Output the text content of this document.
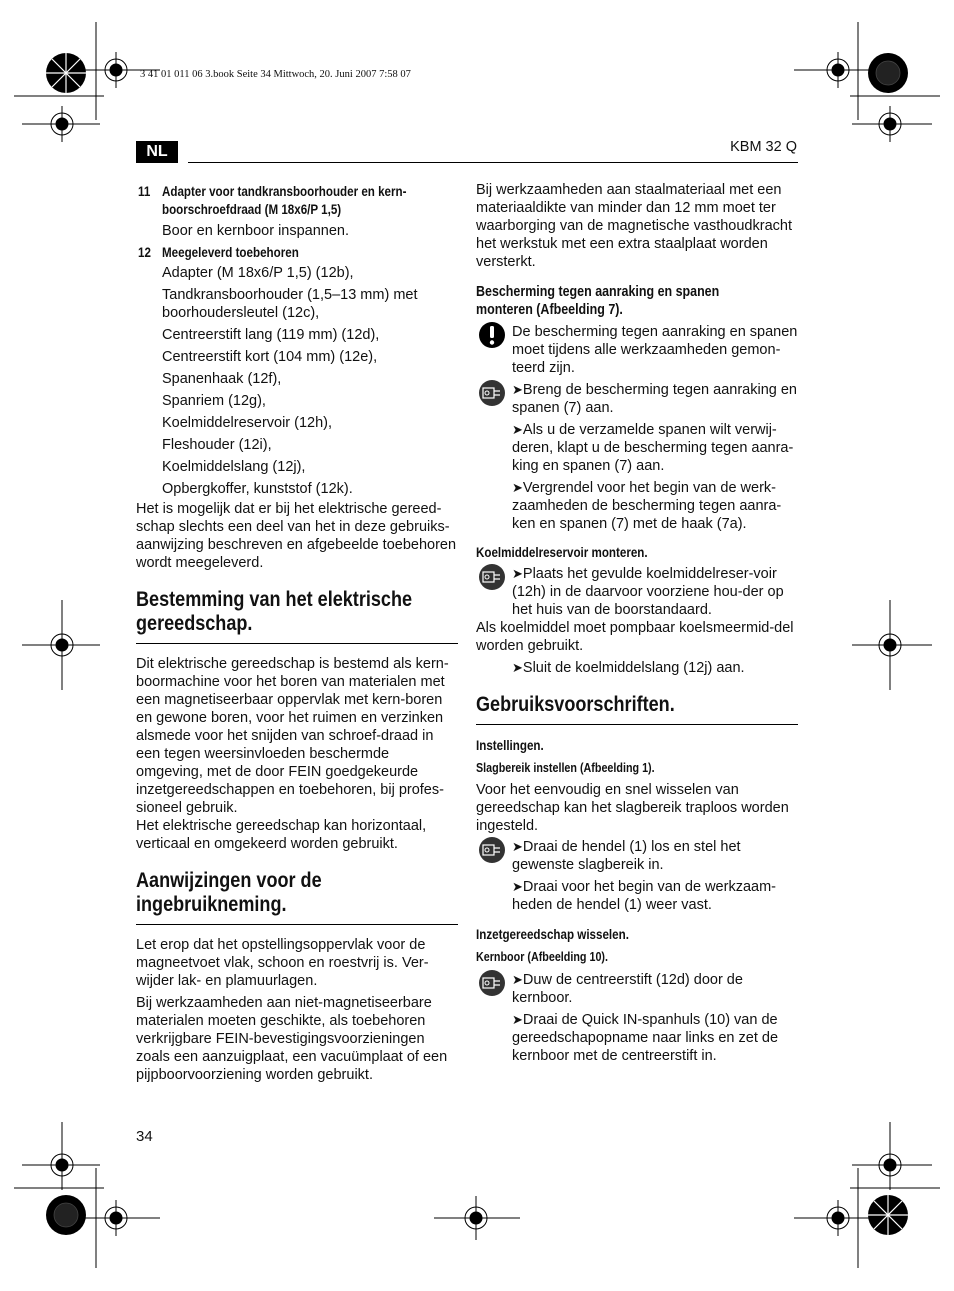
3 41 01 011 06 3.book Seite 34 Mittwoch, 20. Juni 2007 7:58 07
NL	KBM 32 Q
11 Adapter voor tandkransboorhouder en kern-
boorschroefdraad (M 18x6/P 1,5)
Boor en kernboor inspannen.
12 Meegeleverd toebehoren
Adapter (M 18x6/P 1,5) (12b),
Tandkransboorhouder (1,5–13 mm) met
boorhoudersleutel (12c),
Centreerstift lang (119 mm) (12d),
Centreerstift kort (104 mm) (12e),
Spanenhaak (12f),
Spanriem (12g),
Koelmiddelreservoir (12h),
Fleshouder (12i),
Koelmiddelslang (12j),
Opbergkoffer, kunststof (12k).

Het is mogelijk dat er bij het elektrische gereed-schap slechts een deel van het in deze gebruiks-aanwijzing beschreven en afgebeelde toebehoren wordt meegeleverd.

Bestemming van het elektrische
gereedschap.

Dit elektrische gereedschap is bestemd als kern-boormachine voor het boren van materialen met een magnetiseerbaar oppervlak met kern-boren en gewone boren, voor het ruimen en verzinken alsmede voor het snijden van schroef-draad in een tegen weersinvloeden beschermde omgeving, met de door FEIN goedgekeurde inzetgereedschappen en toebehoren, bij profes-sioneel gebruik.

Het elektrische gereedschap kan horizontaal, verticaal en omgekeerd worden gebruikt.

Aanwijzingen voor de
ingebruikneming.

Let erop dat het opstellingsoppervlak voor de magneetvoet vlak, schoon en roestvrij is. Ver-wijder lak- en plamuurlagen.

Bij werkzaamheden aan niet-magnetiseerbare materialen moeten geschikte, als toebehoren verkrijgbare FEIN-bevestigingsvoorzieningen zoals een aanzuigplaat, een vacuümplaat of een pijpboorvoorziening worden gebruikt.

Bij werkzaamheden aan staalmateriaal met een materiaaldikte van minder dan 12 mm moet ter waarborging van de magnetische vasthoudkracht het werkstuk met een extra staalplaat worden versterkt.

Bescherming tegen aanraking en spanen
monteren (Afbeelding 7).
De bescherming tegen aanraking en spanen moet tijdens alle werkzaamheden gemon-teerd zijn.
➤Breng de bescherming tegen aanraking en spanen (7) aan.
➤Als u de verzamelde spanen wilt verwij-deren, klapt u de bescherming tegen aanra-king en spanen (7) aan.
➤Vergrendel voor het begin van de werk-zaamheden de bescherming tegen aanra-ken en spanen (7) met de haak (7a).
Koelmiddelreservoir monteren.
➤Plaats het gevulde koelmiddelreser-voir (12h) in de daarvoor voorziene hou-der op het huis van de boorstandaard.

Als koelmiddel moet pompbaar koelsmeermid-del worden gebruikt.

➤Sluit de koelmiddelslang (12j) aan.
Gebruiksvoorschriften.
Instellingen.
Slagbereik instellen (Afbeelding 1).

Voor het eenvoudig en snel wisselen van gereedschap kan het slagbereik traploos worden ingesteld.

➤Draai de hendel (1) los en stel het gewenste slagbereik in.
➤Draai voor het begin van de werkzaam-heden de hendel (1) weer vast.
Inzetgereedschap wisselen.
Kernboor (Afbeelding 10).
➤Duw de centreerstift (12d) door de kernboor.
➤Draai de Quick IN-spanhuls (10) van de gereedschapopname naar links en zet de kernboor met de centreerstift in.
34
